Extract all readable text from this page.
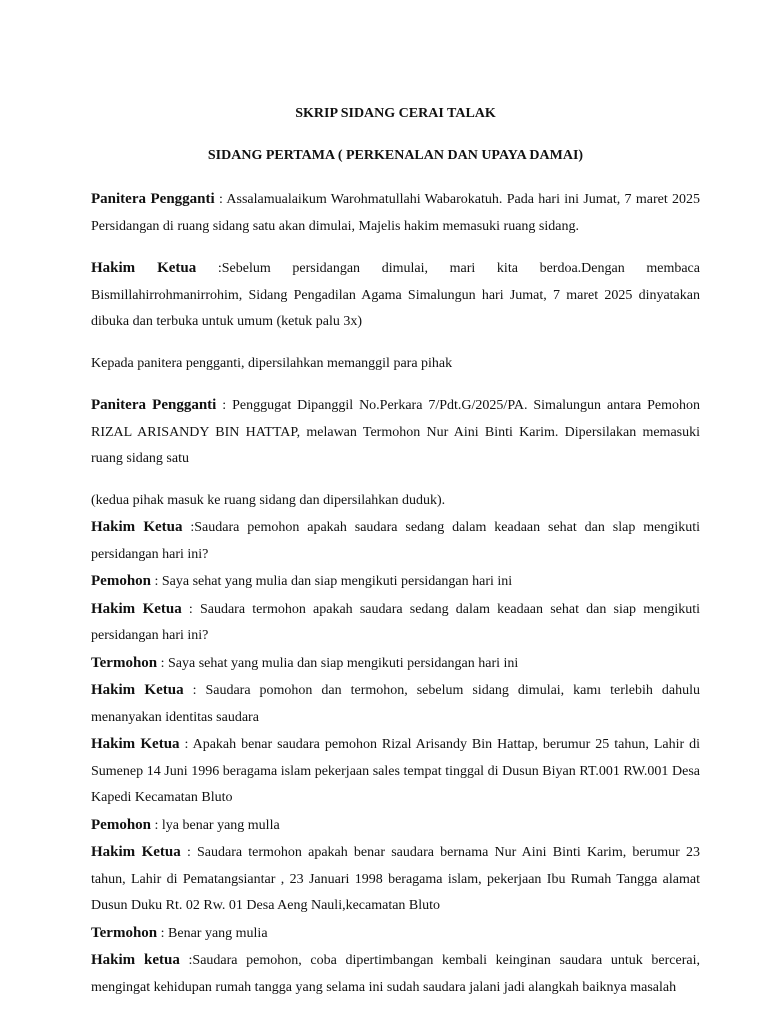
SKRIP SIDANG CERAI TALAK

SIDANG PERTAMA ( PERKENALAN DAN UPAYA DAMAI)

Panitera Pengganti : Assalamualaikum Warohmatullahi Wabarokatuh. Pada hari ini Jumat, 7 maret 2025 Persidangan di ruang sidang satu akan dimulai, Majelis hakim memasuki ruang sidang.

Hakim Ketua :Sebelum persidangan dimulai, mari kita berdoa.Dengan membaca Bismillahirrohmanirrohim, Sidang Pengadilan Agama Simalungun hari Jumat, 7 maret 2025 dinyatakan dibuka dan terbuka untuk umum (ketuk palu 3x)

Kepada panitera pengganti, dipersilahkan memanggil para pihak

Panitera Pengganti : Penggugat Dipanggil No.Perkara 7/Pdt.G/2025/PA. Simalungun antara Pemohon RIZAL ARISANDY BIN HATTAP, melawan Termohon Nur Aini Binti Karim. Dipersilakan memasuki ruang sidang satu

(kedua pihak masuk ke ruang sidang dan dipersilahkan duduk).

Hakim Ketua :Saudara pemohon apakah saudara sedang dalam keadaan sehat dan slap mengikuti persidangan hari ini?

Pemohon : Saya sehat yang mulia dan siap mengikuti persidangan hari ini

Hakim Ketua : Saudara termohon apakah saudara sedang dalam keadaan sehat dan siap mengikuti persidangan hari ini?

Termohon : Saya sehat yang mulia dan siap mengikuti persidangan hari ini

Hakim Ketua : Saudara pomohon dan termohon, sebelum sidang dimulai, kamı terlebih dahulu menanyakan identitas saudara

Hakim Ketua : Apakah benar saudara pemohon Rizal Arisandy Bin Hattap, berumur 25 tahun, Lahir di Sumenep 14 Juni 1996 beragama islam pekerjaan sales tempat tinggal di Dusun Biyan RT.001 RW.001 Desa Kapedi Kecamatan Bluto

Pemohon : lya benar yang mulla

Hakim Ketua : Saudara termohon apakah benar saudara bernama Nur Aini Binti Karim, berumur 23 tahun, Lahir di Pematangsiantar , 23 Januari 1998 beragama islam, pekerjaan Ibu Rumah Tangga alamat Dusun Duku Rt. 02 Rw. 01 Desa Aeng Nauli,kecamatan Bluto

Termohon : Benar yang mulia

Hakim ketua :Saudara pemohon, coba dipertimbangan kembali keinginan saudara untuk bercerai, mengingat kehidupan rumah tangga yang selama ini sudah saudara jalani jadi alangkah baiknya masalah
